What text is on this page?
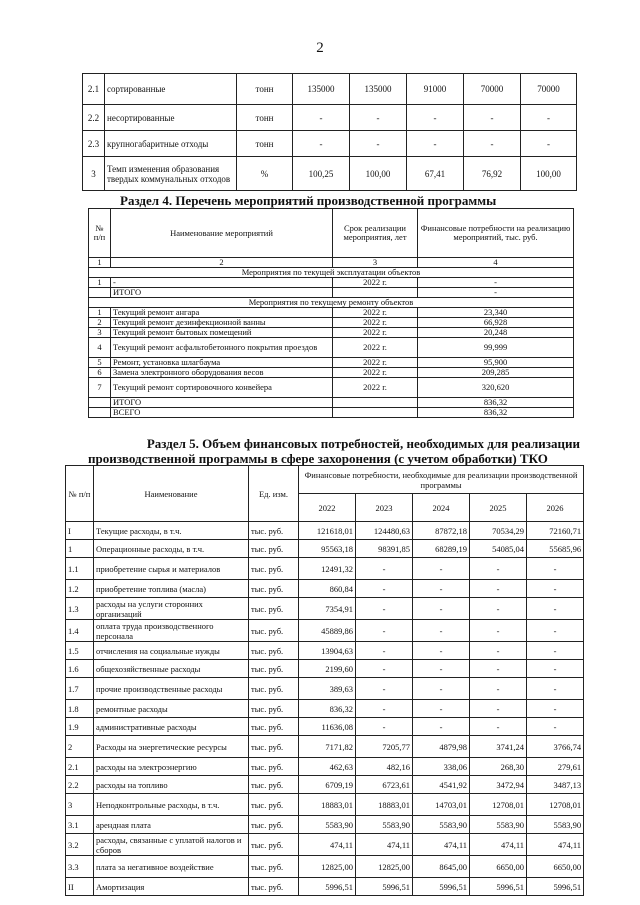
2
2.1	сортированные	тонн	135000	135000	91000	70000	70000
2.2	несортированные	тонн	-	-	-	-	-
2.3	крупногабаритные отходы	тонн	-	-	-	-	-
3	Темп изменения образования твердых коммунальных отходов	%	100,25	100,00	67,41	76,92	100,00
Раздел 4. Перечень мероприятий производственной программы
№ п/п	Наименование мероприятий	Срок реализации мероприятия, лет	Финансовые потребности на реализацию мероприятий, тыс. руб.
1	2	3	4
Мероприятия по текущей эксплуатации объектов			
1	-	2022 г.	-
	ИТОГО		-
Мероприятия по текущему ремонту объектов			
1	Текущий ремонт ангара	2022 г.	23,340
2	Текущий ремонт дезинфекционной ванны	2022 г.	66,928
3	Текущий ремонт бытовых помещений	2022 г.	20,248
4	Текущий ремонт асфальтобетонного покрытия проездов	2022 г.	99,999
5	Ремонт, установка шлагбаума	2022 г.	95,900
6	Замена электронного оборудования весов	2022 г.	209,285
7	Текущий ремонт сортировочного конвейера	2022 г.	320,620
	ИТОГО		836,32
	ВСЕГО		836,32
Раздел 5. Объем финансовых потребностей, необходимых для реализации
производственной программы в сфере захоронения (с учетом обработки) ТКО
№ п/п	Наименование	Ед. изм.	Финансовые потребности, необходимые для реализации производственной программы				
			2022	2023	2024	2025	2026
I	Текущие расходы, в т.ч.	тыс. руб.	121618,01	124480,63	87872,18	70534,29	72160,71
1	Операционные расходы, в т.ч.	тыс. руб.	95563,18	98391,85	68289,19	54085,04	55685,96
1.1	приобретение сырья и материалов	тыс. руб.	12491,32	-	-	-	-
1.2	приобретение топлива (масла)	тыс. руб.	860,84	-	-	-	-
1.3	расходы на услуги сторонних организаций	тыс. руб.	7354,91	-	-	-	-
1.4	оплата труда производственного персонала	тыс. руб.	45889,86	-	-	-	-
1.5	отчисления на социальные нужды	тыс. руб.	13904,63	-	-	-	-
1.6	общехозяйственные расходы	тыс. руб.	2199,60	-	-	-	-
1.7	прочие производственные расходы	тыс. руб.	389,63	-	-	-	-
1.8	ремонтные расходы	тыс. руб.	836,32	-	-	-	-
1.9	административные расходы	тыс. руб.	11636,08	-	-	-	-
2	Расходы на энергетические ресурсы	тыс. руб.	7171,82	7205,77	4879,98	3741,24	3766,74
2.1	расходы на электроэнергию	тыс. руб.	462,63	482,16	338,06	268,30	279,61
2.2	расходы на топливо	тыс. руб.	6709,19	6723,61	4541,92	3472,94	3487,13
3	Неподконтрольные расходы, в т.ч.	тыс. руб.	18883,01	18883,01	14703,01	12708,01	12708,01
3.1	арендная плата	тыс. руб.	5583,90	5583,90	5583,90	5583,90	5583,90
3.2	расходы, связанные с уплатой налогов и сборов	тыс. руб.	474,11	474,11	474,11	474,11	474,11
3.3	плата за негативное воздействие	тыс. руб.	12825,00	12825,00	8645,00	6650,00	6650,00
II	Амортизация	тыс. руб.	5996,51	5996,51	5996,51	5996,51	5996,51
